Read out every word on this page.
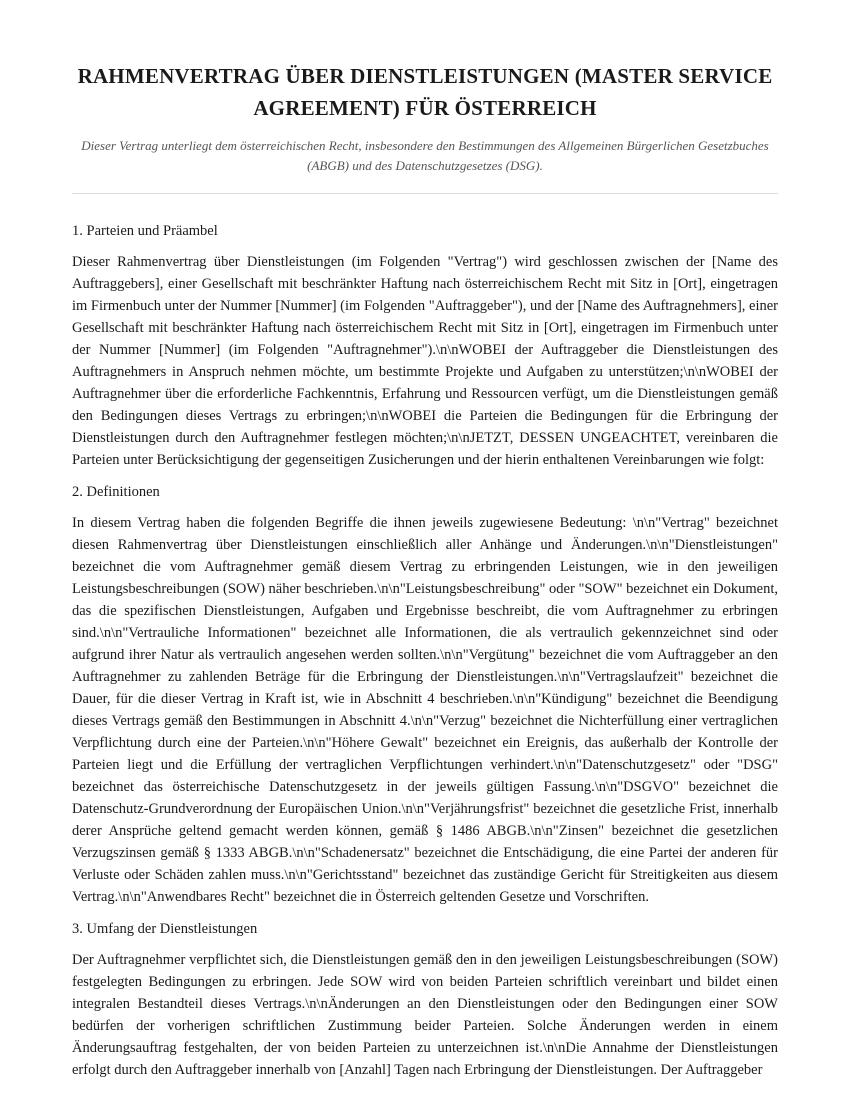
RAHMENVERTRAG ÜBER DIENSTLEISTUNGEN (MASTER SERVICE AGREEMENT) FÜR ÖSTERREICH

Dieser Vertrag unterliegt dem österreichischen Recht, insbesondere den Bestimmungen des Allgemeinen Bürgerlichen Gesetzbuches (ABGB) und des Datenschutzgesetzes (DSG).

1. Parteien und Präambel

Dieser Rahmenvertrag über Dienstleistungen (im Folgenden "Vertrag") wird geschlossen zwischen der [Name des Auftraggebers], einer Gesellschaft mit beschränkter Haftung nach österreichischem Recht mit Sitz in [Ort], eingetragen im Firmenbuch unter der Nummer [Nummer] (im Folgenden "Auftraggeber"), und der [Name des Auftragnehmers], einer Gesellschaft mit beschränkter Haftung nach österreichischem Recht mit Sitz in [Ort], eingetragen im Firmenbuch unter der Nummer [Nummer] (im Folgenden "Auftragnehmer").\n\nWOBEI der Auftraggeber die Dienstleistungen des Auftragnehmers in Anspruch nehmen möchte, um bestimmte Projekte und Aufgaben zu unterstützen;\n\nWOBEI der Auftragnehmer über die erforderliche Fachkenntnis, Erfahrung und Ressourcen verfügt, um die Dienstleistungen gemäß den Bedingungen dieses Vertrags zu erbringen;\n\nWOBEI die Parteien die Bedingungen für die Erbringung der Dienstleistungen durch den Auftragnehmer festlegen möchten;\n\nJETZT, DESSEN UNGEACHTET, vereinbaren die Parteien unter Berücksichtigung der gegenseitigen Zusicherungen und der hierin enthaltenen Vereinbarungen wie folgt:

2. Definitionen

In diesem Vertrag haben die folgenden Begriffe die ihnen jeweils zugewiesene Bedeutung: \n\n"Vertrag" bezeichnet diesen Rahmenvertrag über Dienstleistungen einschließlich aller Anhänge und Änderungen.\n\n"Dienstleistungen" bezeichnet die vom Auftragnehmer gemäß diesem Vertrag zu erbringenden Leistungen, wie in den jeweiligen Leistungsbeschreibungen (SOW) näher beschrieben.\n\n"Leistungsbeschreibung" oder "SOW" bezeichnet ein Dokument, das die spezifischen Dienstleistungen, Aufgaben und Ergebnisse beschreibt, die vom Auftragnehmer zu erbringen sind.\n\n"Vertrauliche Informationen" bezeichnet alle Informationen, die als vertraulich gekennzeichnet sind oder aufgrund ihrer Natur als vertraulich angesehen werden sollten.\n\n"Vergütung" bezeichnet die vom Auftraggeber an den Auftragnehmer zu zahlenden Beträge für die Erbringung der Dienstleistungen.\n\n"Vertragslaufzeit" bezeichnet die Dauer, für die dieser Vertrag in Kraft ist, wie in Abschnitt 4 beschrieben.\n\n"Kündigung" bezeichnet die Beendigung dieses Vertrags gemäß den Bestimmungen in Abschnitt 4.\n\n"Verzug" bezeichnet die Nichterfüllung einer vertraglichen Verpflichtung durch eine der Parteien.\n\n"Höhere Gewalt" bezeichnet ein Ereignis, das außerhalb der Kontrolle der Parteien liegt und die Erfüllung der vertraglichen Verpflichtungen verhindert.\n\n"Datenschutzgesetz" oder "DSG" bezeichnet das österreichische Datenschutzgesetz in der jeweils gültigen Fassung.\n\n"DSGVO" bezeichnet die Datenschutz-Grundverordnung der Europäischen Union.\n\n"Verjährungsfrist" bezeichnet die gesetzliche Frist, innerhalb derer Ansprüche geltend gemacht werden können, gemäß § 1486 ABGB.\n\n"Zinsen" bezeichnet die gesetzlichen Verzugszinsen gemäß § 1333 ABGB.\n\n"Schadenersatz" bezeichnet die Entschädigung, die eine Partei der anderen für Verluste oder Schäden zahlen muss.\n\n"Gerichtsstand" bezeichnet das zuständige Gericht für Streitigkeiten aus diesem Vertrag.\n\n"Anwendbares Recht" bezeichnet die in Österreich geltenden Gesetze und Vorschriften.

3. Umfang der Dienstleistungen

Der Auftragnehmer verpflichtet sich, die Dienstleistungen gemäß den in den jeweiligen Leistungsbeschreibungen (SOW) festgelegten Bedingungen zu erbringen. Jede SOW wird von beiden Parteien schriftlich vereinbart und bildet einen integralen Bestandteil dieses Vertrags.\n\nÄnderungen an den Dienstleistungen oder den Bedingungen einer SOW bedürfen der vorherigen schriftlichen Zustimmung beider Parteien. Solche Änderungen werden in einem Änderungsauftrag festgehalten, der von beiden Parteien zu unterzeichnen ist.\n\nDie Annahme der Dienstleistungen erfolgt durch den Auftraggeber innerhalb von [Anzahl] Tagen nach Erbringung der Dienstleistungen. Der Auftraggeber
